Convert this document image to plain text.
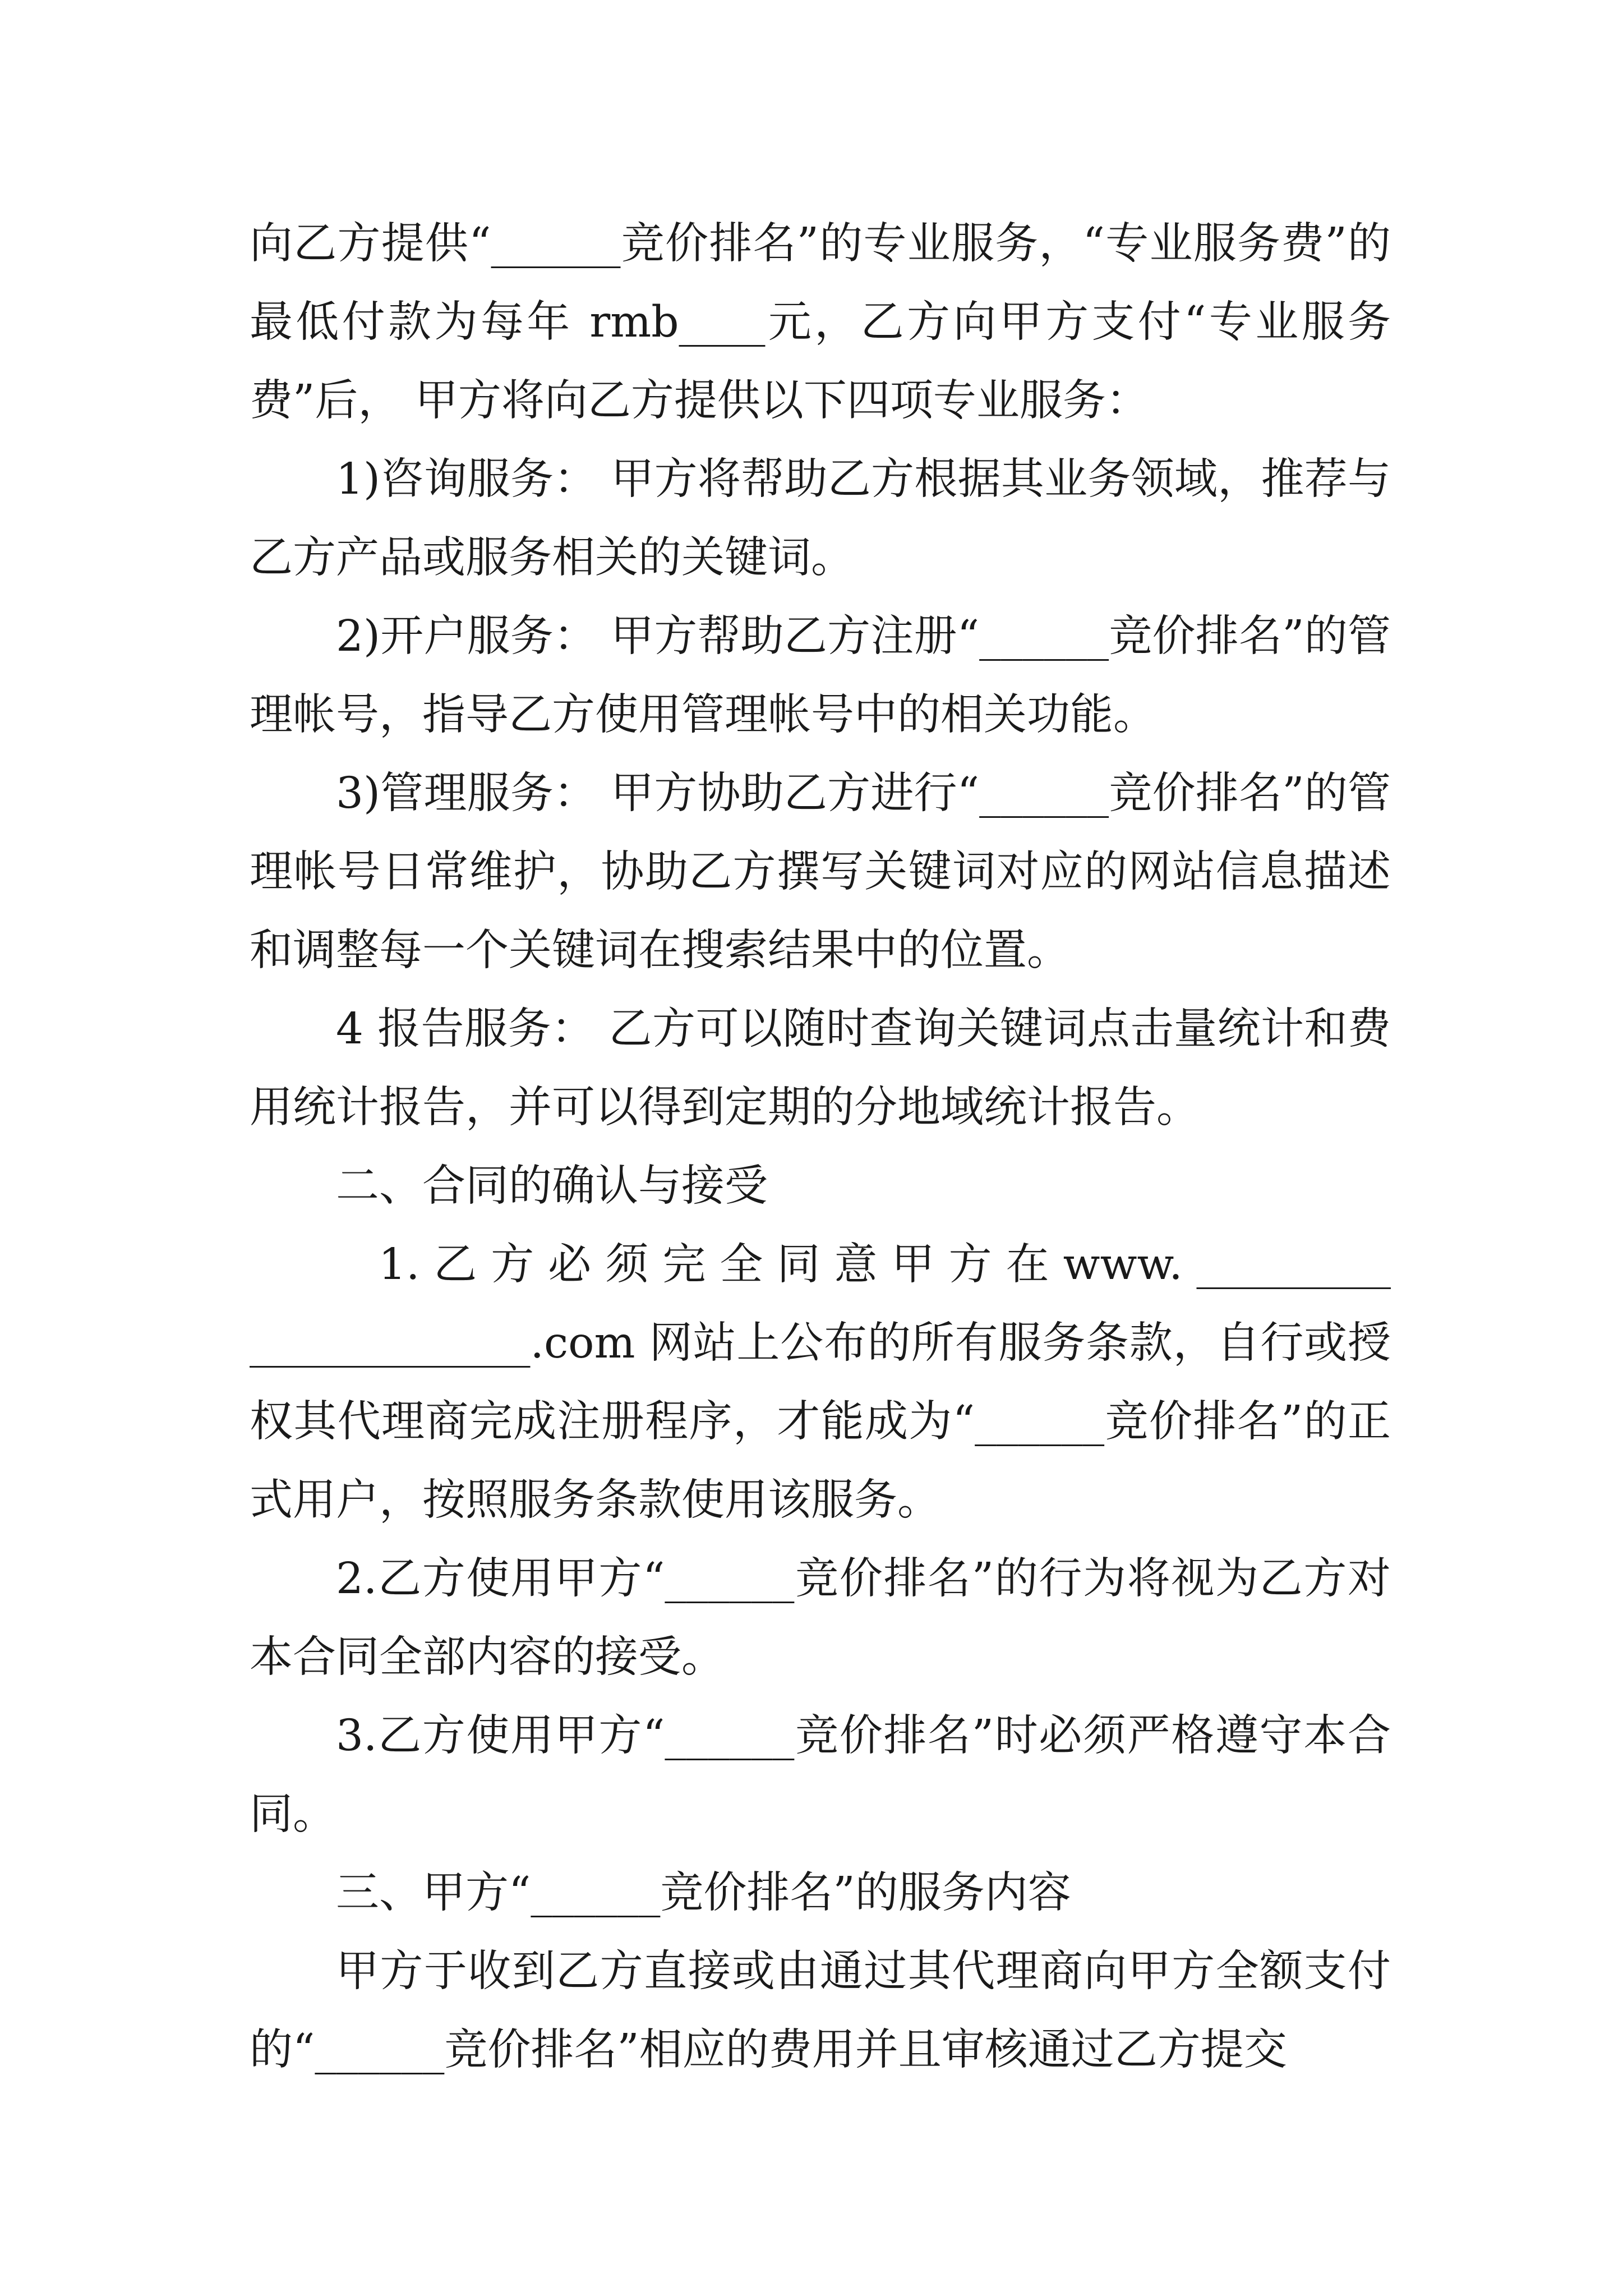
向乙方提供“______竞价排名”的专业服务，“专业服务费”的最低付款为每年 rmb____元，乙方向甲方支付“专业服务费”后， 甲方将向乙方提供以下四项专业服务：

1)咨询服务： 甲方将帮助乙方根据其业务领域，推荐与乙方产品或服务相关的关键词。

2)开户服务： 甲方帮助乙方注册“______竞价排名”的管理帐号，指导乙方使用管理帐号中的相关功能。

3)管理服务： 甲方协助乙方进行“______竞价排名”的管理帐号日常维护，协助乙方撰写关键词对应的网站信息描述和调整每一个关键词在搜索结果中的位置。

4 报告服务： 乙方可以随时查询关键词点击量统计和费用统计报告，并可以得到定期的分地域统计报告。

二、合同的确认与接受

1. 乙 方 必 须 完 全 同 意 甲 方 在 www. ______________________.com 网站上公布的所有服务条款，自行或授权其代理商完成注册程序，才能成为“______竞价排名”的正式用户，按照服务条款使用该服务。

2.乙方使用甲方“______竞价排名”的行为将视为乙方对本合同全部内容的接受。

3.乙方使用甲方“______竞价排名”时必须严格遵守本合同。

三、甲方“______竞价排名”的服务内容

甲方于收到乙方直接或由通过其代理商向甲方全额支付的“______竞价排名”相应的费用并且审核通过乙方提交
